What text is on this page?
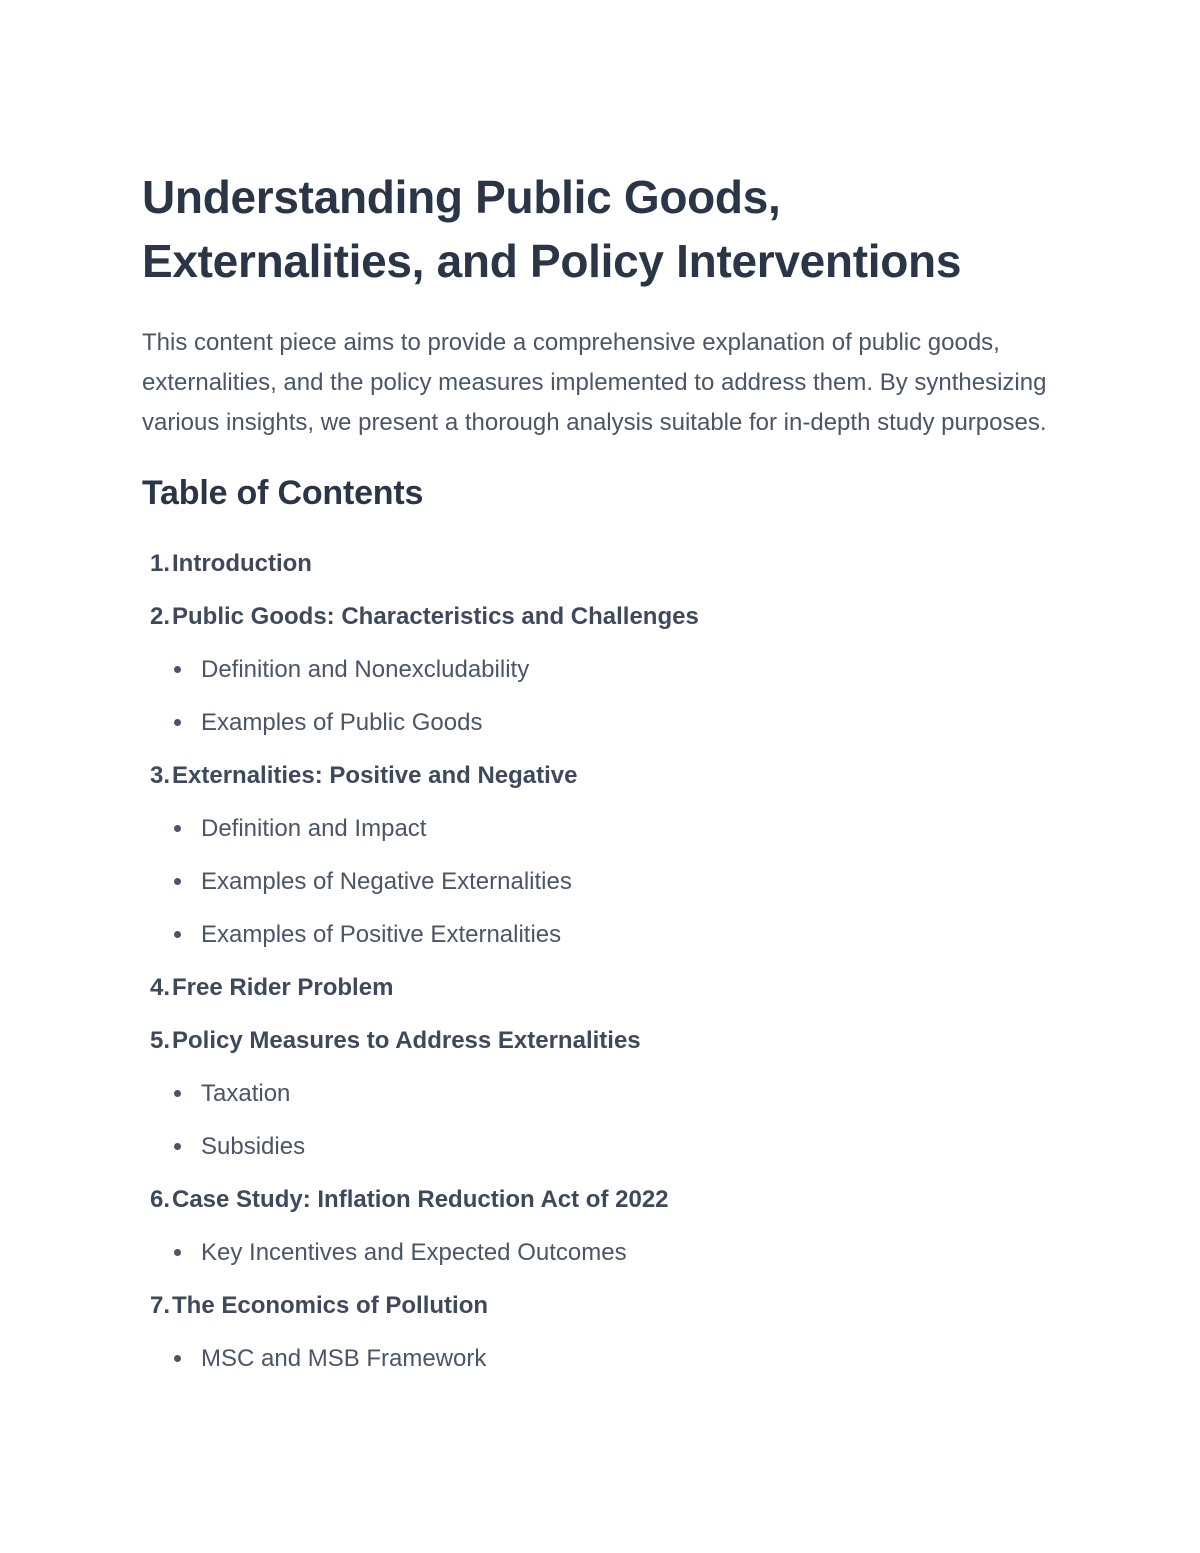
Understanding Public Goods,
Externalities, and Policy Interventions

This content piece aims to provide a comprehensive explanation of public goods, externalities, and the policy measures implemented to address them. By synthesizing various insights, we present a thorough analysis suitable for in-depth study purposes.

Table of Contents
1. Introduction
2. Public Goods: Characteristics and Challenges
Definition and Nonexcludability
Examples of Public Goods
3. Externalities: Positive and Negative
Definition and Impact
Examples of Negative Externalities
Examples of Positive Externalities
4. Free Rider Problem
5. Policy Measures to Address Externalities
Taxation
Subsidies
6. Case Study: Inflation Reduction Act of 2022
Key Incentives and Expected Outcomes
7. The Economics of Pollution
MSC and MSB Framework
